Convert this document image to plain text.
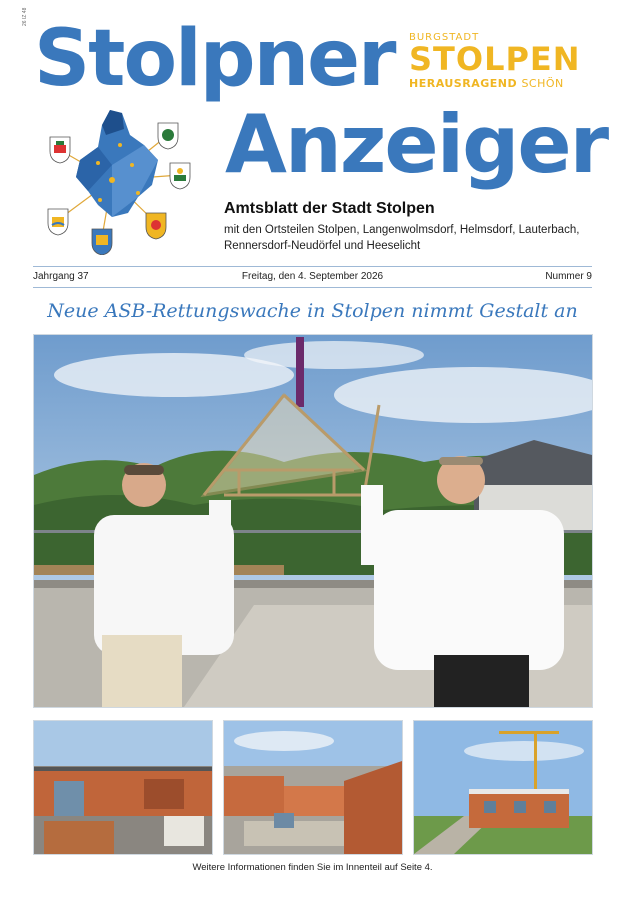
26 IZ 48 Stolpner
Anzeiger
BURGSTADT
STOLPEN
HERAUSRAGEND SCHÖN
Amtsblatt der Stadt Stolpen
mit den Ortsteilen Stolpen, Langenwolmsdorf, Helmsdorf, Lauterbach, Rennersdorf-Neudörfel und Heeselicht
Jahrgang 37	Freitag, den 4. September 2026	Nummer 9
Neue ASB-Rettungswache in Stolpen nimmt Gestalt an
Weitere Informationen finden Sie im Innenteil auf Seite 4.
